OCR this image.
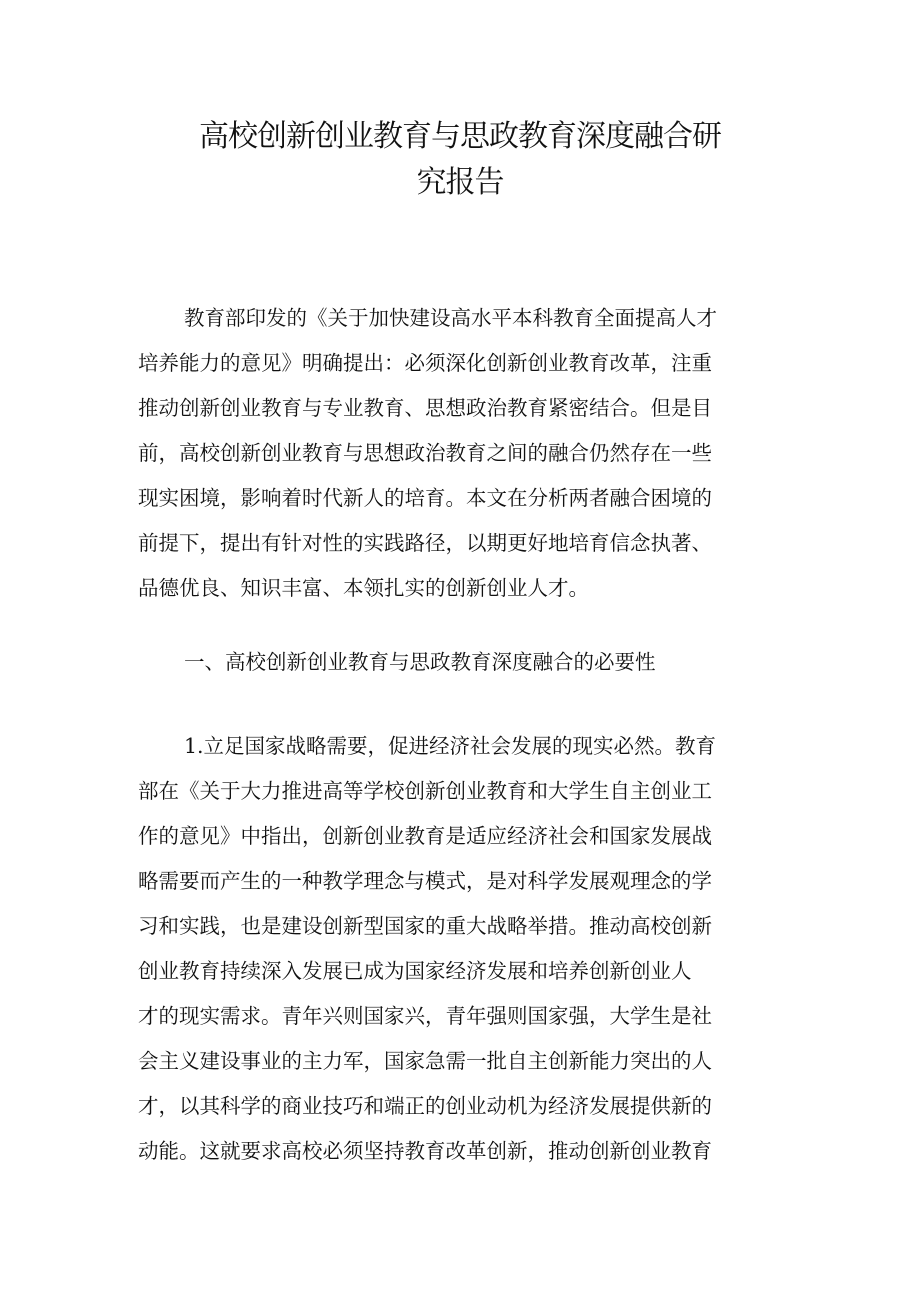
高校创新创业教育与思政教育深度融合研
究报告
教育部印发的《关于加快建设高水平本科教育全面提高人才
培养能力的意见》明确提出：必须深化创新创业教育改革，注重
推动创新创业教育与专业教育、思想政治教育紧密结合。但是目
前，高校创新创业教育与思想政治教育之间的融合仍然存在一些
现实困境，影响着时代新人的培育。本文在分析两者融合困境的
前提下，提出有针对性的实践路径，以期更好地培育信念执著、
品德优良、知识丰富、本领扎实的创新创业人才。
一、高校创新创业教育与思政教育深度融合的必要性
1.立足国家战略需要，促进经济社会发展的现实必然。教育
部在《关于大力推进高等学校创新创业教育和大学生自主创业工
作的意见》中指出，创新创业教育是适应经济社会和国家发展战
略需要而产生的一种教学理念与模式，是对科学发展观理念的学
习和实践，也是建设创新型国家的重大战略举措。推动高校创新
创业教育持续深入发展已成为国家经济发展和培养创新创业人
才的现实需求。青年兴则国家兴，青年强则国家强，大学生是社
会主义建设事业的主力军，国家急需一批自主创新能力突出的人
才，以其科学的商业技巧和端正的创业动机为经济发展提供新的
动能。这就要求高校必须坚持教育改革创新，推动创新创业教育
